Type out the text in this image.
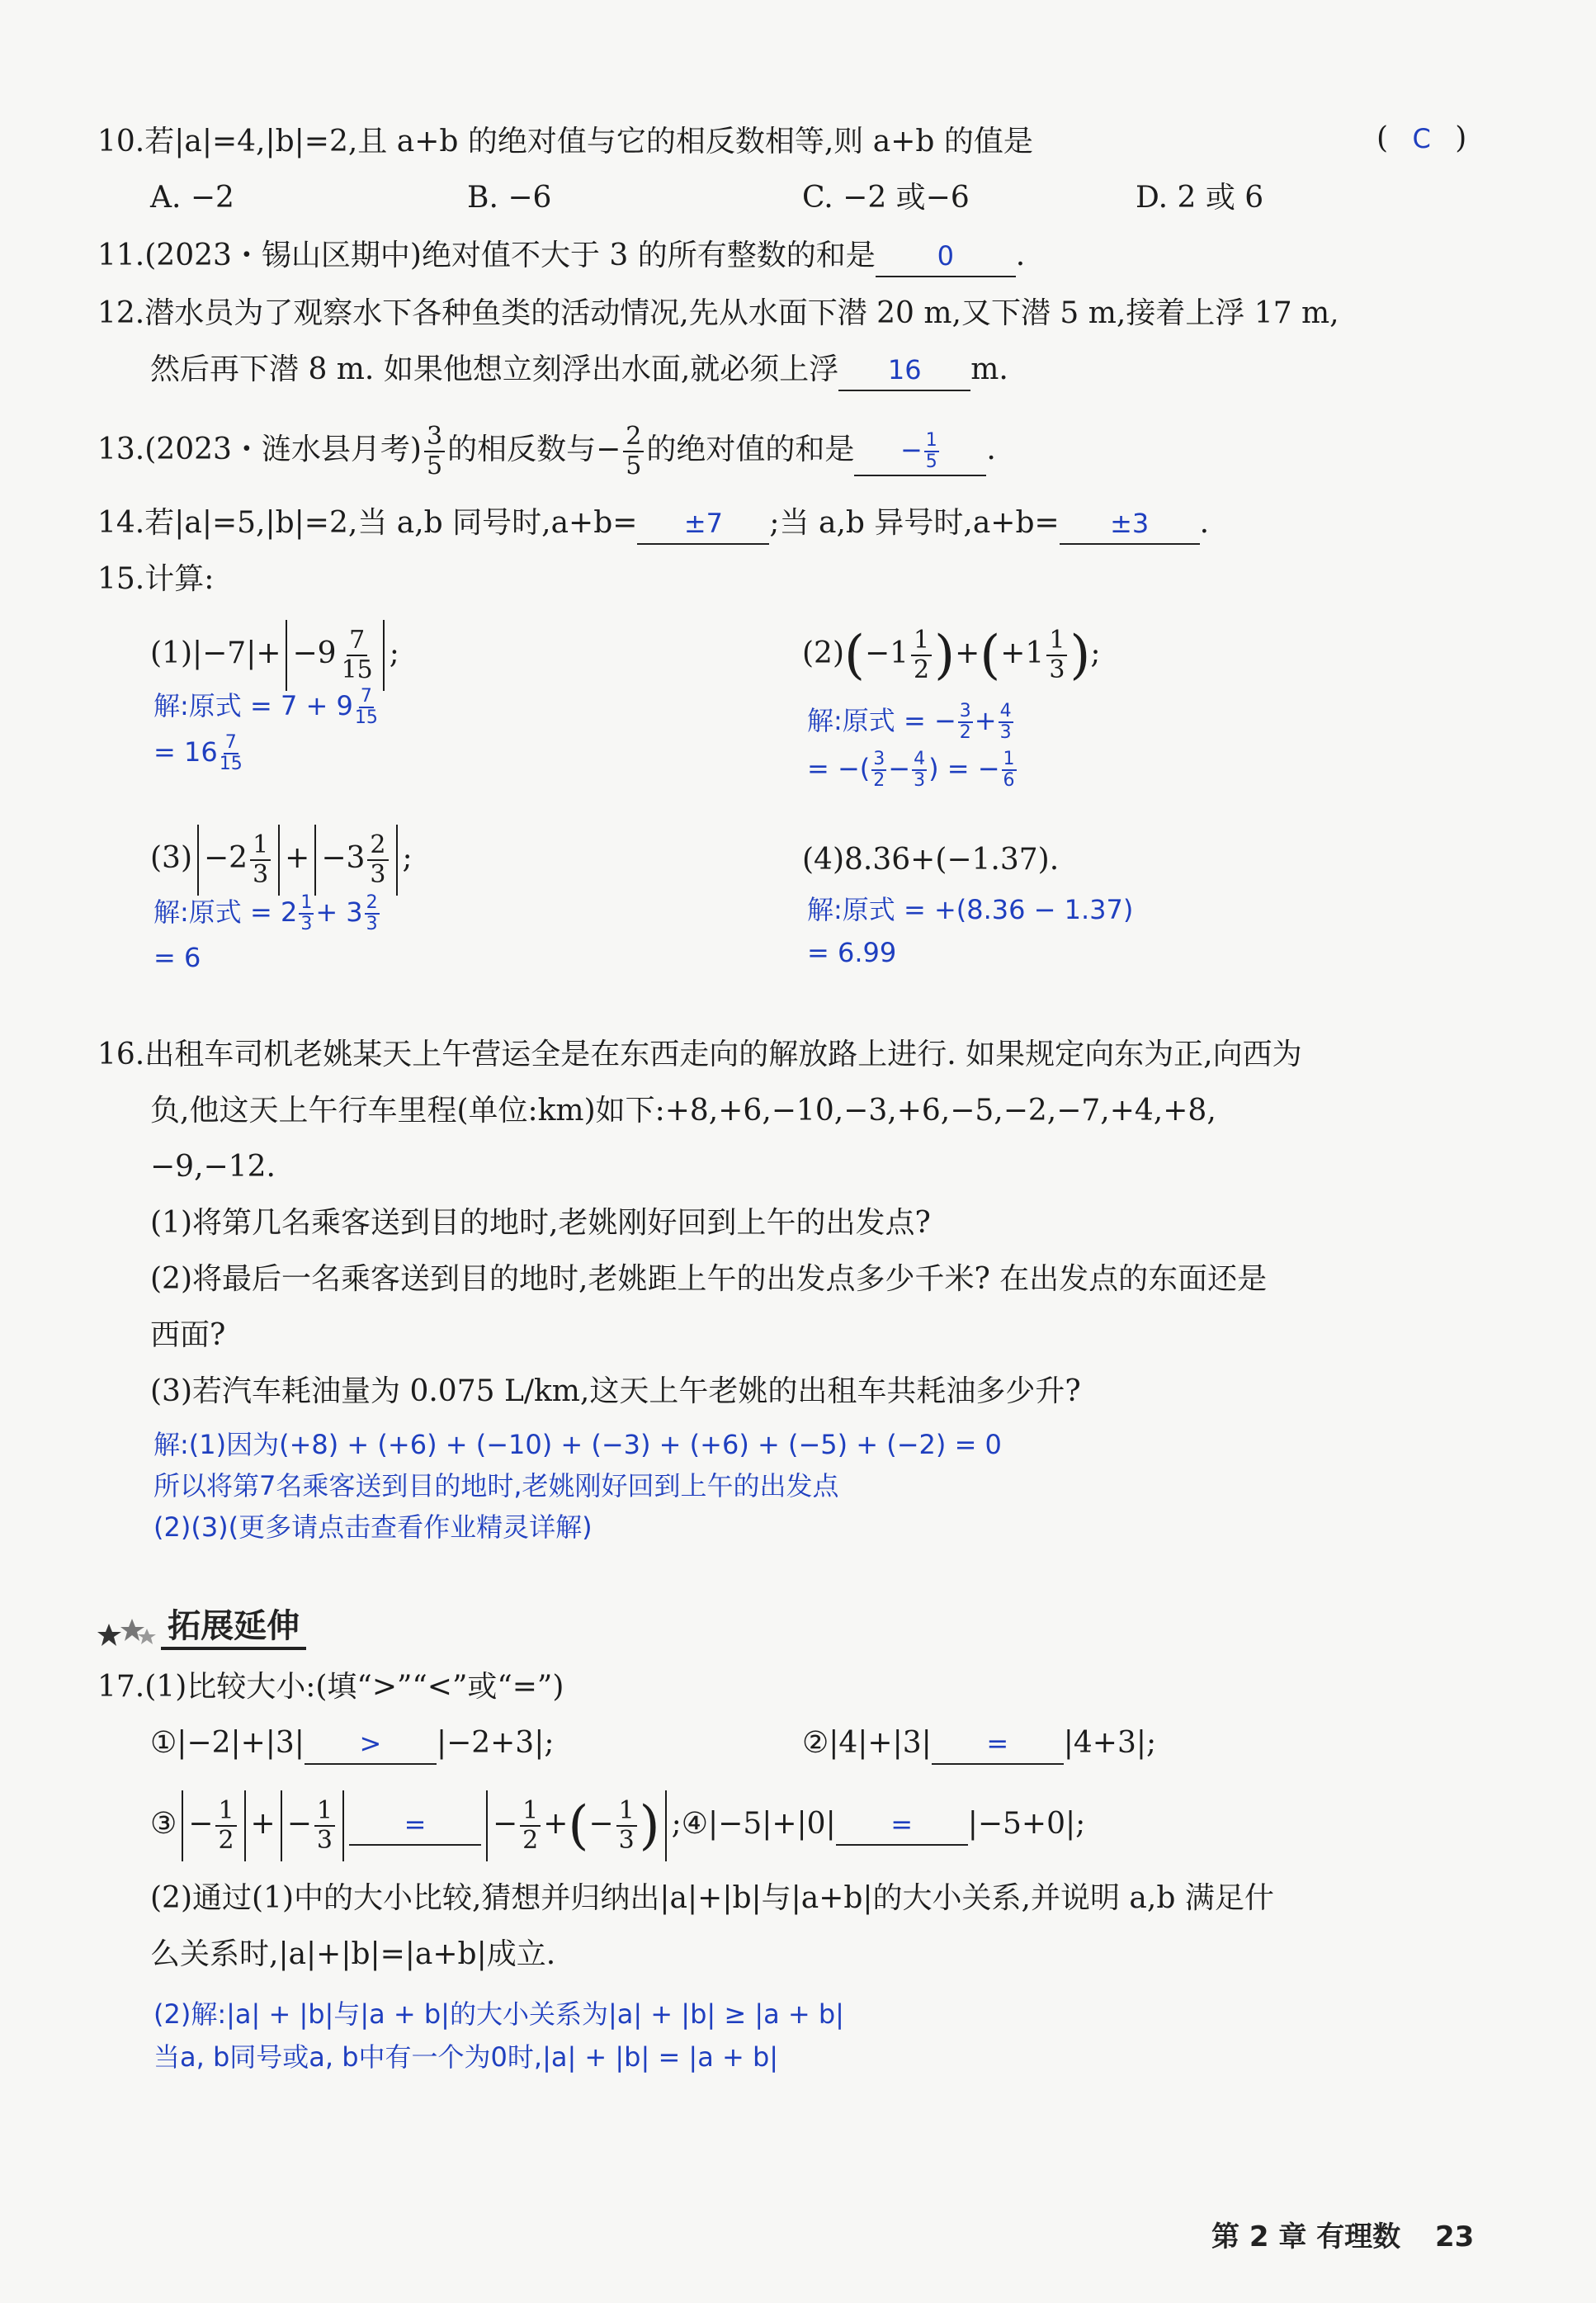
10.若|a|=4,|b|=2,且 a+b 的绝对值与它的相反数相等,则 a+b 的值是	( C )
A. −2	B. −6	C. −2 或−6	D. 2 或 6
11.(2023・锡山区期中)绝对值不大于 3 的所有整数的和是 0 .
12.潜水员为了观察水下各种鱼类的活动情况,先从水面下潜 20 m,又下潜 5 m,接着上浮 17 m,
然后再下潜 8 m. 如果他想立刻浮出水面,就必须上浮 16 m.
13.(2023・涟水县月考) $\frac{3}{5}$ 的相反数与− $\frac{2}{5}$ 的绝对值的和是 − $\frac{1}{5}$ .
14.若|a|=5,|b|=2,当 a,b 同号时,a+b= ±7 ;当 a,b 异号时,a+b= ±3 .
15.计算:
$(1)|-7|+ -9 \frac{7}{15}$ ;
解:原式 = $7 + 9 \frac{7}{15}$
= $16 \frac{7}{15}$
$(2)(-1 \frac{1}{2} )+(+1 \frac{1}{3}$ );
解:原式 = − $\frac{3}{2} + \frac{4}{3}$
= −( $\frac{3}{2} - \frac{4}{3}$ ) = − $\frac{1}{6}$
$(3) -2 \frac{1}{3} + -3 \frac{2}{3}$ ;
解:原式 = $2 \frac{1}{3} + 3 \frac{2}{3}$
= 6
(4)8.36+(−1.37).
解:原式 = +(8.36 − 1.37)
= 6.99
16.出租车司机老姚某天上午营运全是在东西走向的解放路上进行. 如果规定向东为正,向西为
负,他这天上午行车里程(单位:km)如下:+8,+6,−10,−3,+6,−5,−2,−7,+4,+8,
−9,−12.
(1)将第几名乘客送到目的地时,老姚刚好回到上午的出发点?
(2)将最后一名乘客送到目的地时,老姚距上午的出发点多少千米? 在出发点的东面还是
西面?
(3)若汽车耗油量为 0.075 L/km,这天上午老姚的出租车共耗油多少升?
解:(1)因为(+8) + (+6) + (−10) + (−3) + (+6) + (−5) + (−2) = 0
所以将第7名乘客送到目的地时,老姚刚好回到上午的出发点
(2)(3)(更多请点击查看作业精灵详解)
拓展延伸
17.(1)比较大小:(填“>”“<”或“=”)
①|−2|+|3| > |−2+3|;	②|4|+|3| = |4+3|;
③ − $\frac{1}{2}$ + − $\frac{1}{3}$	= − $\frac{1}{2}$ +(− $\frac{1}{3}$ ) ;④|−5|+|0| = |−5+0|;
(2)通过(1)中的大小比较,猜想并归纳出|a|+|b|与|a+b|的大小关系,并说明 a,b 满足什
么关系时,|a|+|b|=|a+b|成立.
(2)解:|a| + |b|与|a + b|的大小关系为|a| + |b| ≥ |a + b|
当a, b同号或a, b中有一个为0时,|a| + |b| = |a + b|
第 2 章 有理数 23
